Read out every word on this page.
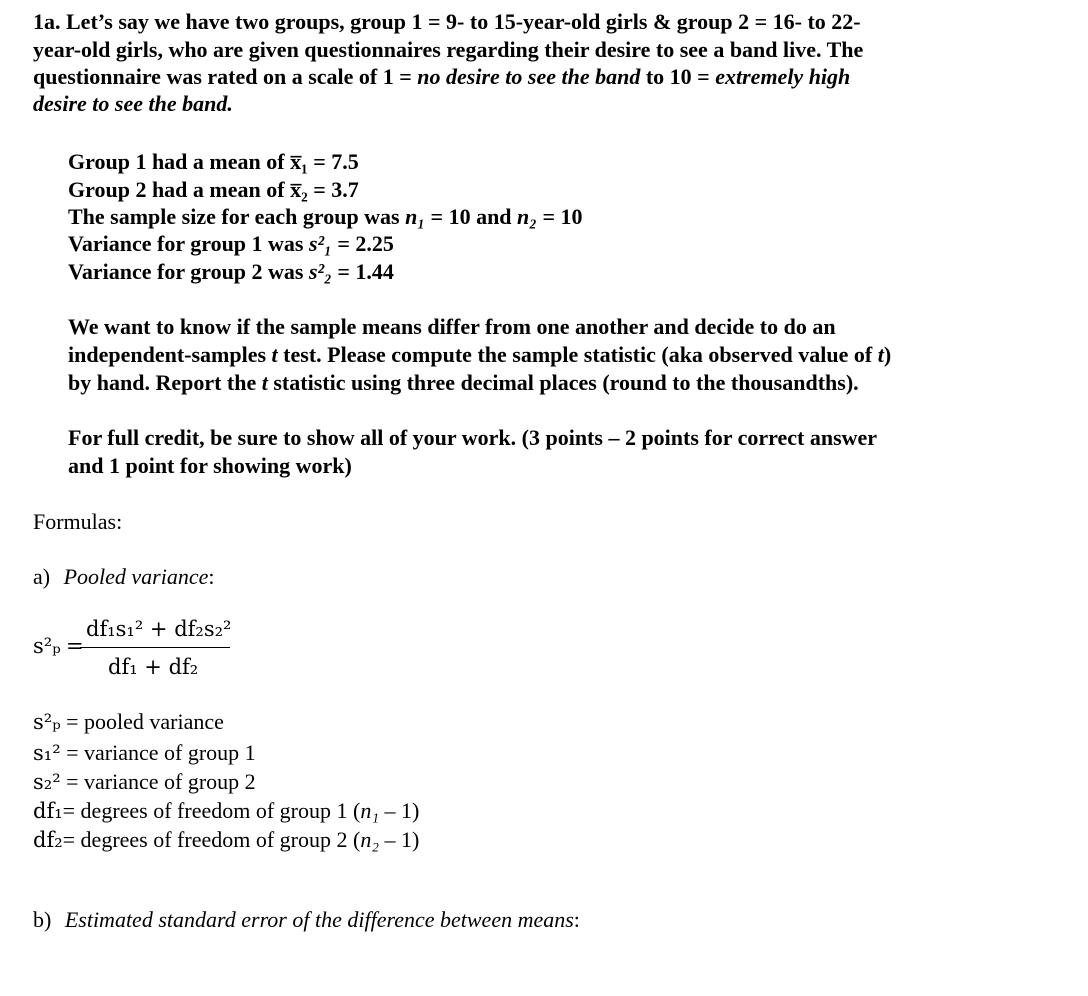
1a. Let’s say we have two groups, group 1 = 9- to 15-year-old girls & group 2 = 16- to 22-
year-old girls, who are given questionnaires regarding their desire to see a band live. The
questionnaire was rated on a scale of 1 = no desire to see the band to 10 = extremely high
desire to see the band.
Group 1 had a mean of x̅₁ = 7.5
Group 2 had a mean of x̅₂ = 3.7
The sample size for each group was n₁ = 10 and n₂ = 10
Variance for group 1 was s²₁ = 2.25
Variance for group 2 was s²₂ = 1.44
We want to know if the sample means differ from one another and decide to do an
independent-samples t test. Please compute the sample statistic (aka observed value of t)
by hand. Report the t statistic using three decimal places (round to the thousandths).
For full credit, be sure to show all of your work. (3 points – 2 points for correct answer
and 1 point for showing work)
Formulas:
a) Pooled variance:
s²ₚ =
df₁s₁² + df₂s₂²
df₁ + df₂
s²ₚ = pooled variance
s₁² = variance of group 1
s₂² = variance of group 2
df₁= degrees of freedom of group 1 (n₁ – 1)
df₂= degrees of freedom of group 2 (n₂ – 1)
b) Estimated standard error of the difference between means:
